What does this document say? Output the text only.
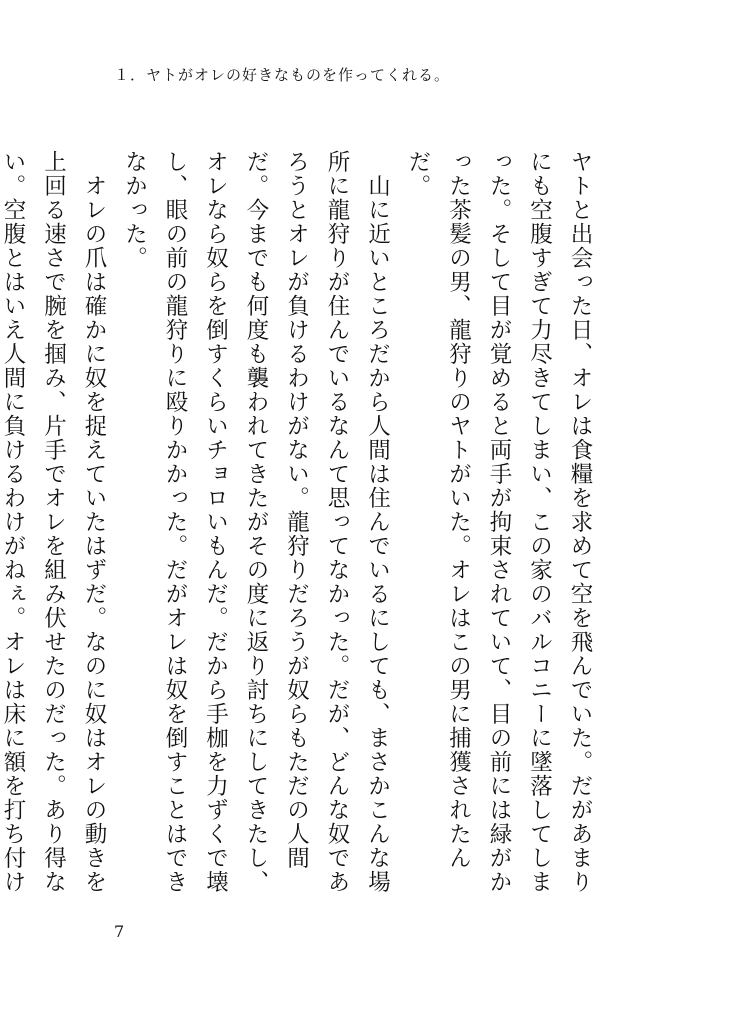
１．ヤトがオレの好きなものを作ってくれる。

ヤトと出会った日、オレは食糧を求めて空を飛んでいた。だがあまりにも空腹すぎて力尽きてしまい、この家のバルコニーに墜落してしまった。そして目が覚めると両手が拘束されていて、目の前には緑がかった茶髪の男、龍狩りのヤトがいた。オレはこの男に捕獲されたんだ。

　山に近いところだから人間は住んでいるにしても、まさかこんな場所に龍狩りが住んでいるなんて思ってなかった。だが、どんな奴であろうとオレが負けるわけがない。龍狩りだろうが奴らもただの人間だ。今までも何度も襲われてきたがその度に返り討ちにしてきたし、オレなら奴らを倒すくらいチョロいもんだ。だから手枷を力ずくで壊し、眼の前の龍狩りに殴りかかった。だがオレは奴を倒すことはできなかった。

　オレの爪は確かに奴を捉えていたはずだ。なのに奴はオレの動きを上回る速さで腕を掴み、片手でオレを組み伏せたのだった。あり得ない。空腹とはいえ人間に負けるわけがねぇ。オレは床に額を打ち付け

7
